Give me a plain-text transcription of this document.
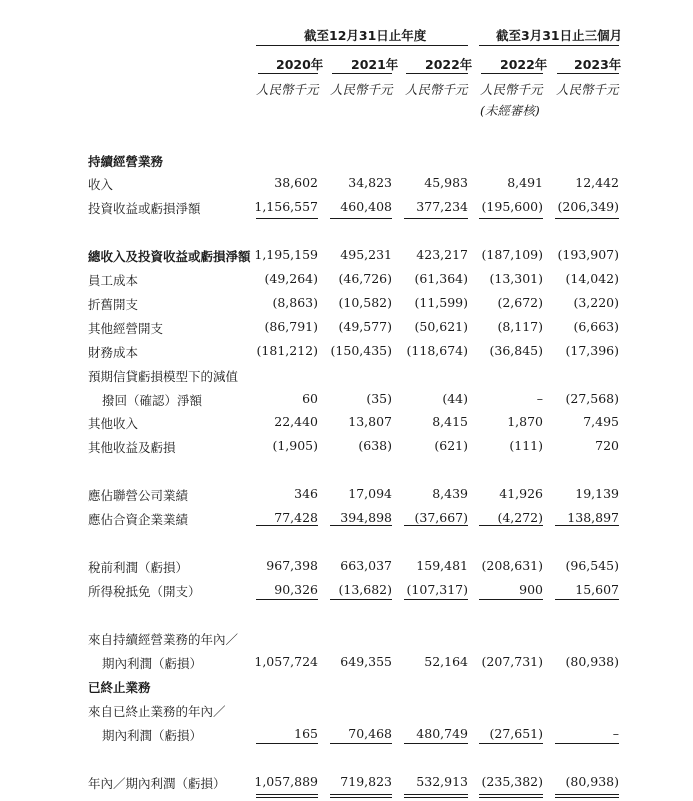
截至12月31日止年度	截至3月31日止三個月
2020年 2021年 2022年 2022年 2023年
人民幣千元 人民幣千元 人民幣千元 人民幣千元 人民幣千元
(未經審核)
持續經營業務
收入	38,602	34,823	45,983	8,491	12,442
投資收益或虧損淨額	1,156,557	460,408	377,234	(195,600)	(206,349)
總收入及投資收益或虧損淨額 1,195,159	495,231	423,217	(187,109)	(193,907)
員工成本	(49,264)	(46,726)	(61,364)	(13,301)	(14,042)
折舊開支	(8,863)	(10,582)	(11,599)	(2,672)	(3,220)
其他經營開支	(86,791)	(49,577)	(50,621)	(8,117)	(6,663)
財務成本	(181,212)	(150,435)	(118,674)	(36,845)	(17,396)
預期信貸虧損模型下的減值
撥回（確認）淨額	60	(35)	(44)	–	(27,568)
其他收入	22,440	13,807	8,415	1,870	7,495
其他收益及虧損	(1,905)	(638)	(621)	(111)	720
應佔聯營公司業績	346	17,094	8,439	41,926	19,139
應佔合資企業業績	77,428	394,898	(37,667)	(4,272)	138,897
稅前利潤（虧損）	967,398	663,037	159,481	(208,631)	(96,545)
所得稅抵免（開支）	90,326	(13,682)	(107,317)	900	15,607
來自持續經營業務的年內／
期內利潤（虧損）	1,057,724	649,355	52,164	(207,731)	(80,938)
已終止業務
來自已終止業務的年內／
期內利潤（虧損）	165	70,468	480,749	(27,651)	–
年內／期內利潤（虧損）	1,057,889	719,823	532,913	(235,382)	(80,938)
